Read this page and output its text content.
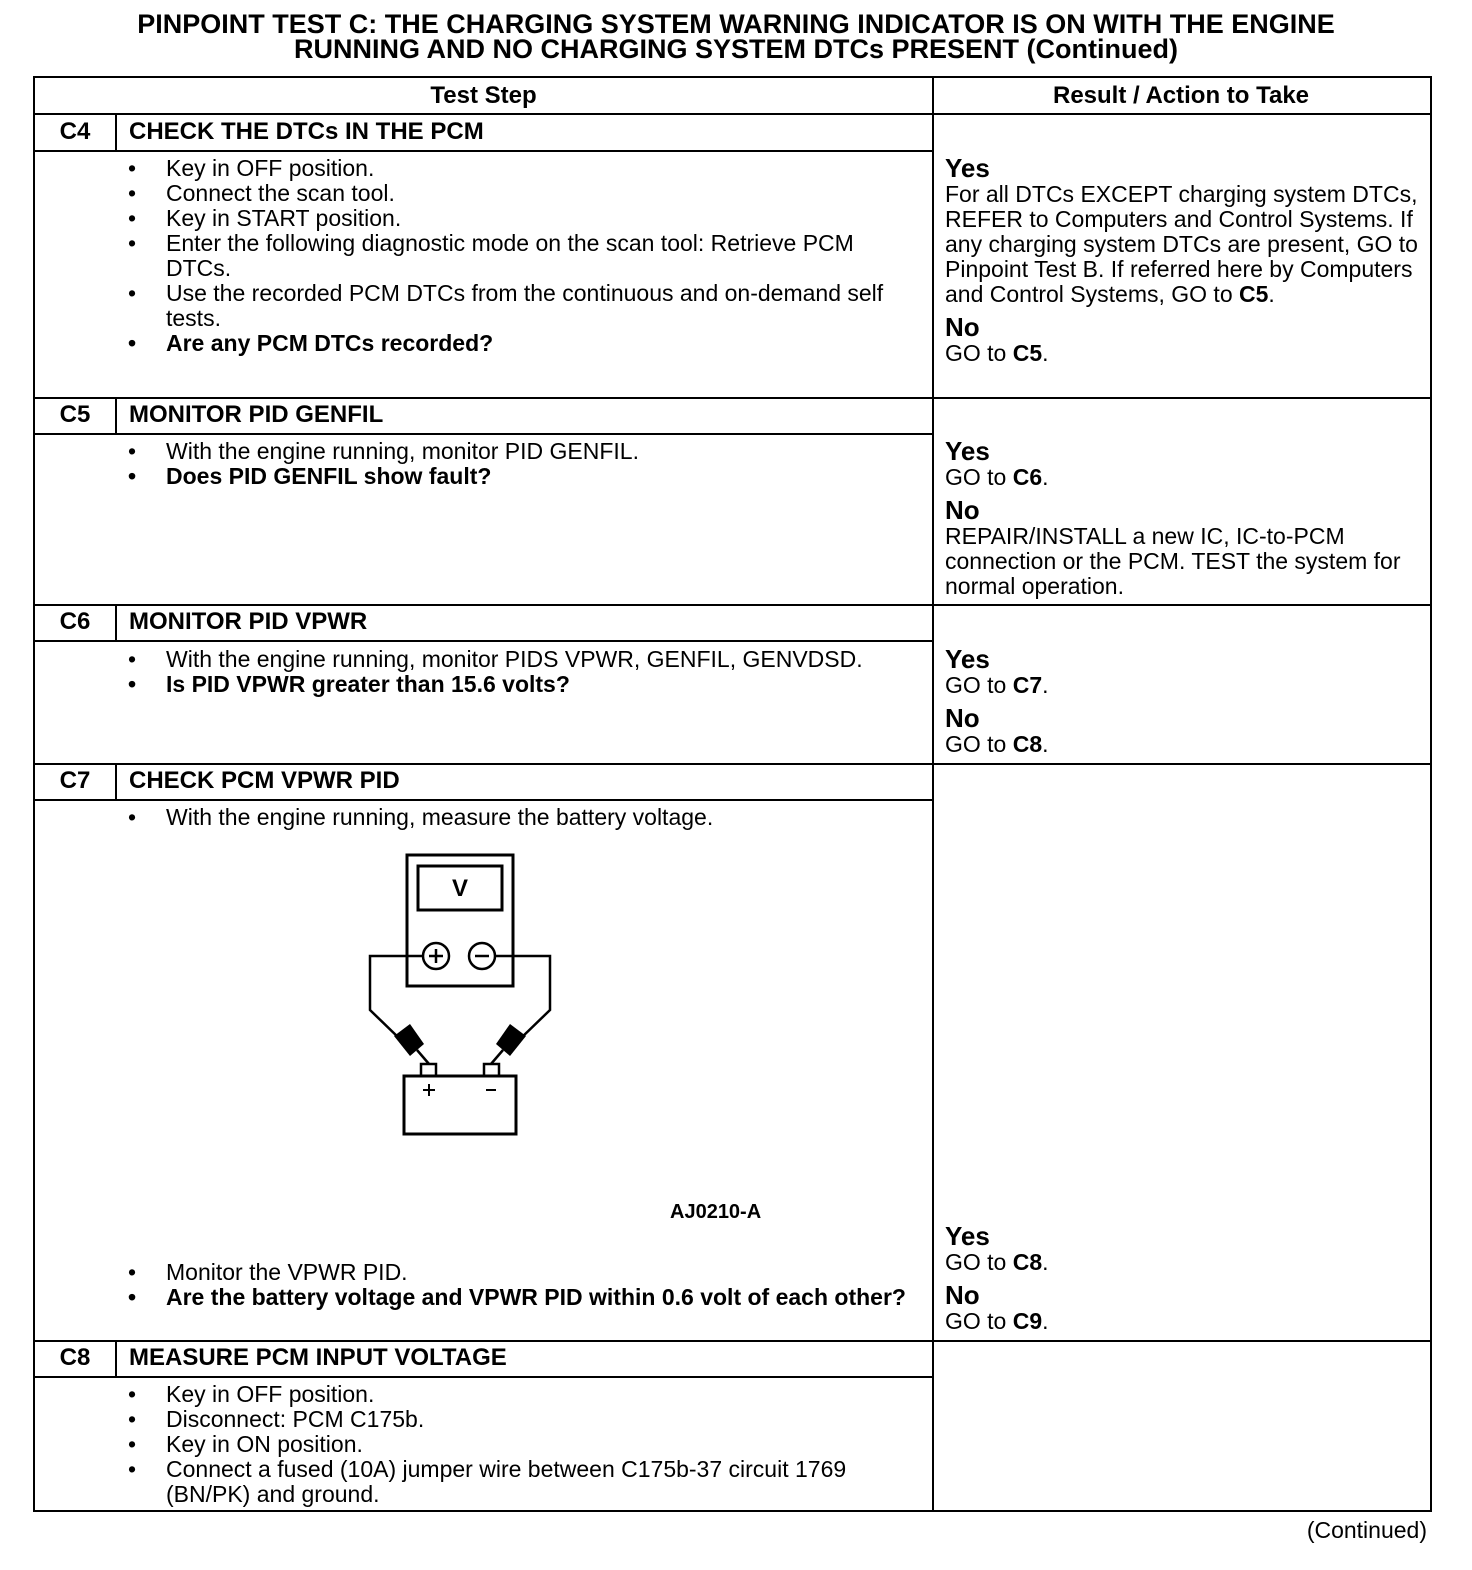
PINPOINT TEST C: THE CHARGING SYSTEM WARNING INDICATOR IS ON WITH THE ENGINE
RUNNING AND NO CHARGING SYSTEM DTCs PRESENT (Continued)
Test Step	Result / Action to Take
C4	CHECK THE DTCs IN THE PCM
• Key in OFF position.
• Connect the scan tool.
• Key in START position.
• Enter the following diagnostic mode on the scan tool: Retrieve PCM DTCs.
• Use the recorded PCM DTCs from the continuous and on-demand self tests.
• Are any PCM DTCs recorded?
Yes
For all DTCs EXCEPT charging system DTCs, REFER to Computers and Control Systems. If any charging system DTCs are present, GO to Pinpoint Test B. If referred here by Computers and Control Systems, GO to C5.
No
GO to C5.
C5	MONITOR PID GENFIL
• With the engine running, monitor PID GENFIL.
• Does PID GENFIL show fault?
Yes
GO to C6.
No
REPAIR/INSTALL a new IC, IC-to-PCM connection or the PCM. TEST the system for normal operation.
C6	MONITOR PID VPWR
• With the engine running, monitor PIDS VPWR, GENFIL, GENVDSD.
• Is PID VPWR greater than 15.6 volts?
Yes
GO to C7.
No
GO to C8.
C7	CHECK PCM VPWR PID
• With the engine running, measure the battery voltage.
• Monitor the VPWR PID.
• Are the battery voltage and VPWR PID within 0.6 volt of each other?
Yes
GO to C8.
No
GO to C9.
C8	MEASURE PCM INPUT VOLTAGE
• Key in OFF position.
• Disconnect: PCM C175b.
• Key in ON position.
• Connect a fused (10A) jumper wire between C175b-37 circuit 1769 (BN/PK) and ground.
V
AJ0210-A
(Continued)
